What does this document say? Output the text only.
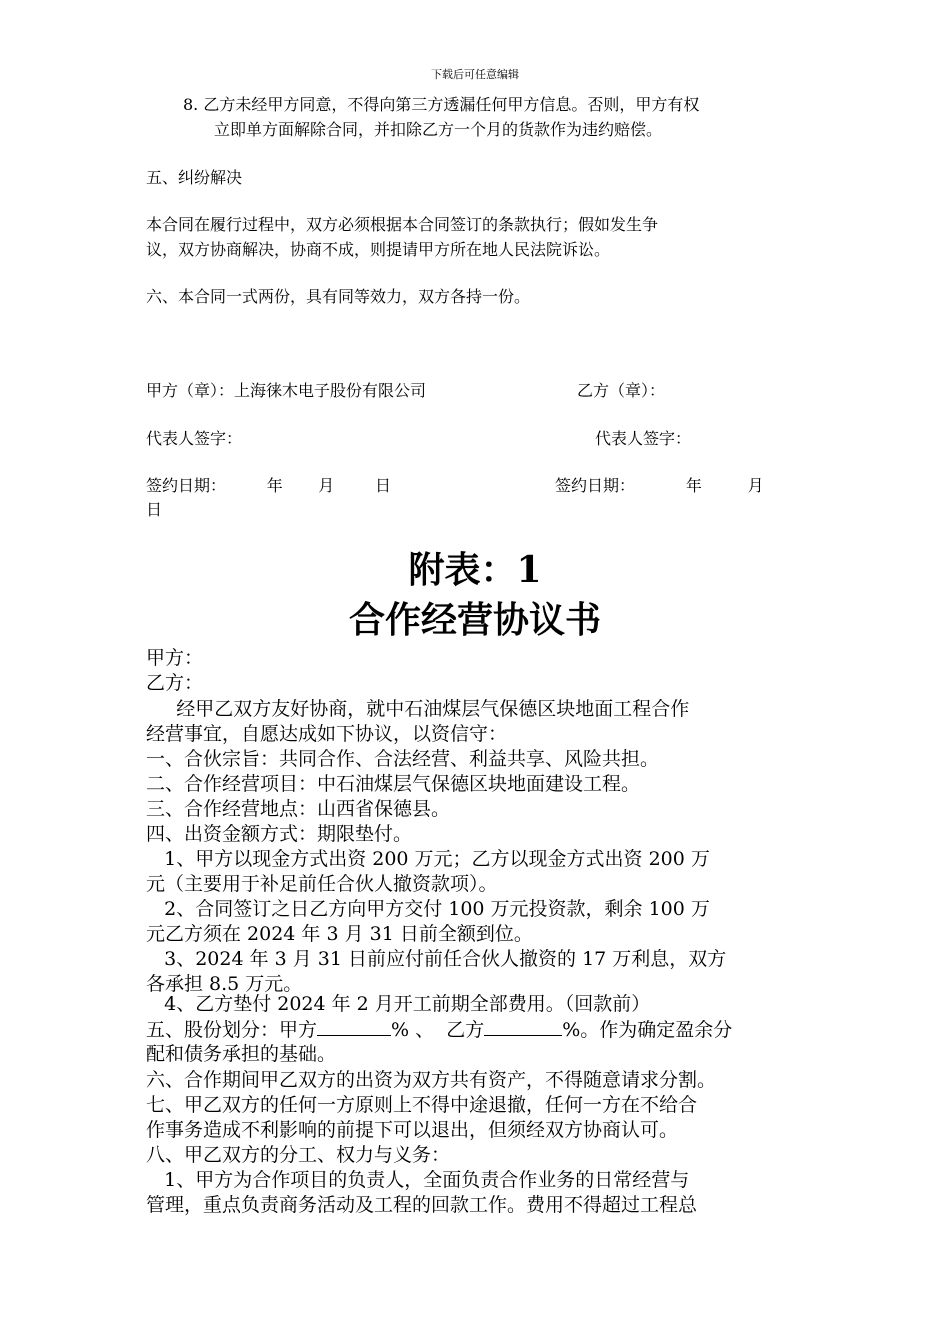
下载后可任意编辑
8. 乙方未经甲方同意，不得向第三方透漏任何甲方信息。否则，甲方有权
立即单方面解除合同，并扣除乙方一个月的货款作为违约赔偿。
五、纠纷解决
本合同在履行过程中，双方必须根据本合同签订的条款执行；假如发生争
议，双方协商解决，协商不成，则提请甲方所在地人民法院诉讼。
六、本合同一式两份，具有同等效力，双方各持一份。
甲方（章）：上海徕木电子股份有限公司	乙方（章）：
代表人签字：	代表人签字：
签约日期：        年       月        日	签约日期：          年         月
日
附表：1
合作经营协议书
甲方：
乙方：
经甲乙双方友好协商，就中石油煤层气保德区块地面工程合作
经营事宜，自愿达成如下协议，以资信守：
一、合伙宗旨：共同合作、合法经营、利益共享、风险共担。
二、合作经营项目：中石油煤层气保德区块地面建设工程。
三、合作经营地点：山西省保德县。
四、出资金额方式：期限垫付。
1、甲方以现金方式出资 200 万元；乙方以现金方式出资 200 万
元（主要用于补足前任合伙人撤资款项）。
2、合同签订之日乙方向甲方交付 100 万元投资款，剩余 100 万
元乙方须在 2024 年 3 月 31 日前全额到位。
3、2024 年 3 月 31 日前应付前任合伙人撤资的 17 万利息，双方
各承担 8.5 万元。
4、乙方垫付 2024 年 2 月开工前期全部费用。（回款前）
五、股份划分：甲方	% 、  乙方	%。作为确定盈余分
配和债务承担的基础。
六、合作期间甲乙双方的出资为双方共有资产，不得随意请求分割。
七、甲乙双方的任何一方原则上不得中途退撤，任何一方在不给合
作事务造成不利影响的前提下可以退出，但须经双方协商认可。
八、甲乙双方的分工、权力与义务：
1、甲方为合作项目的负责人，全面负责合作业务的日常经营与
管理，重点负责商务活动及工程的回款工作。费用不得超过工程总
